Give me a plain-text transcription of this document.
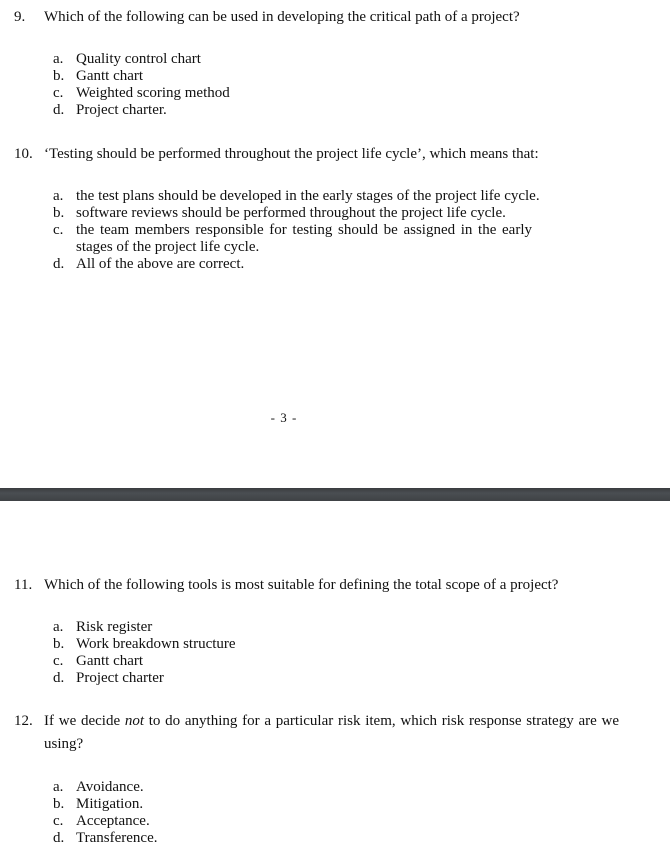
9. Which of the following can be used in developing the critical path of a project?
a. Quality control chart
b. Gantt chart
c. Weighted scoring method
d. Project charter.
10. ‘Testing should be performed throughout the project life cycle’, which means that:
a. the test plans should be developed in the early stages of the project life cycle.
b. software reviews should be performed throughout the project life cycle.
c. the team members responsible for testing should be assigned in the early stages of the project life cycle.
d. All of the above are correct.
- 3 -
11. Which of the following tools is most suitable for defining the total scope of a project?
a. Risk register
b. Work breakdown structure
c. Gantt chart
d. Project charter
12. If we decide not to do anything for a particular risk item, which risk response strategy are we using?
a. Avoidance.
b. Mitigation.
c. Acceptance.
d. Transference.
